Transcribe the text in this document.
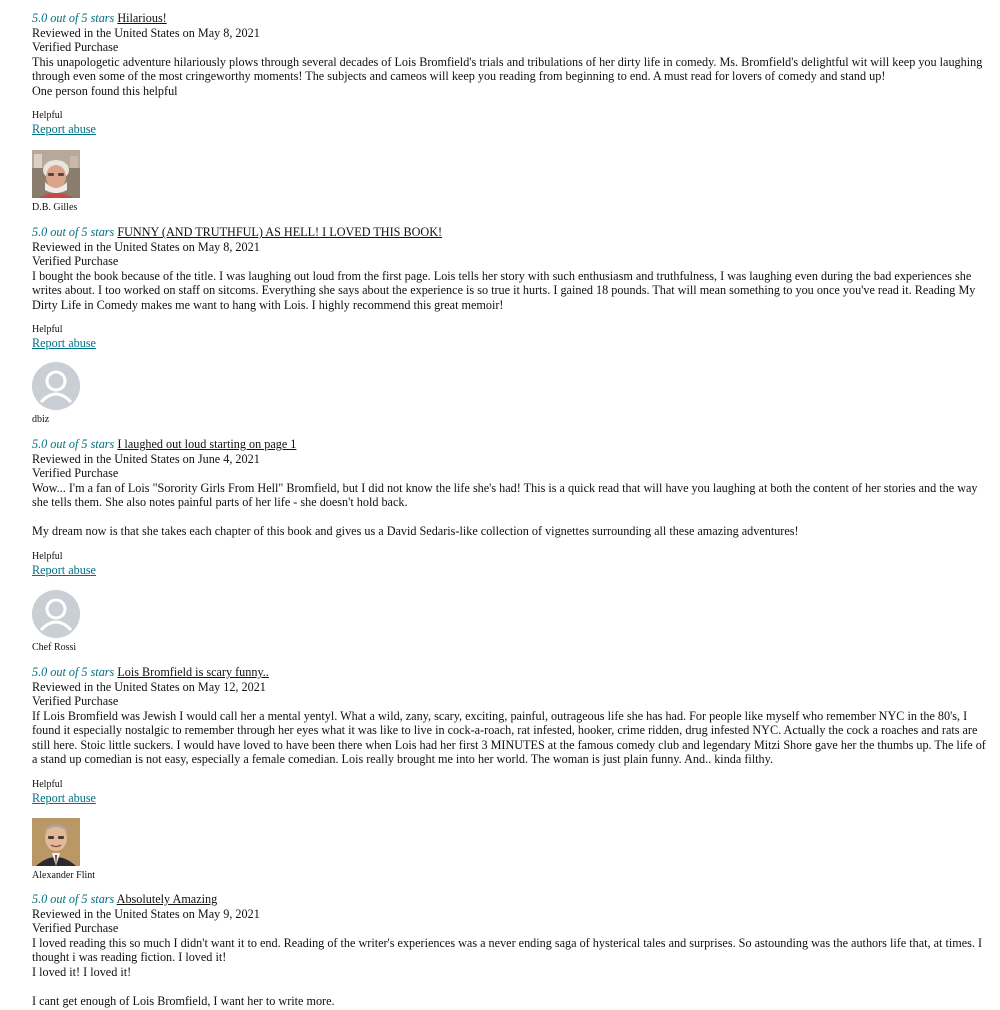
5.0 out of 5 stars Hilarious!
Reviewed in the United States on May 8, 2021
Verified Purchase

This unapologetic adventure hilariously plows through several decades of Lois Bromfield's trials and tribulations of her dirty life in comedy. Ms. Bromfield's delightful wit will keep you laughing through even some of the most cringeworthy moments! The subjects and cameos will keep you reading from beginning to end. A must read for lovers of comedy and stand up!

One person found this helpful
Helpful
Report abuse
D.B. Gilles
5.0 out of 5 stars FUNNY (AND TRUTHFUL) AS HELL! I LOVED THIS BOOK!
Reviewed in the United States on May 8, 2021
Verified Purchase

I bought the book because of the title. I was laughing out loud from the first page. Lois tells her story with such enthusiasm and truthfulness, I was laughing even during the bad experiences she writes about. I too worked on staff on sitcoms. Everything she says about the experience is so true it hurts. I gained 18 pounds. That will mean something to you once you've read it. Reading My Dirty Life in Comedy makes me want to hang with Lois. I highly recommend this great memoir!

Helpful
Report abuse
dbiz
5.0 out of 5 stars I laughed out loud starting on page 1
Reviewed in the United States on June 4, 2021
Verified Purchase

Wow... I'm a fan of Lois "Sorority Girls From Hell" Bromfield, but I did not know the life she's had! This is a quick read that will have you laughing at both the content of her stories and the way she tells them. She also notes painful parts of her life - she doesn't hold back.

My dream now is that she takes each chapter of this book and gives us a David Sedaris-like collection of vignettes surrounding all these amazing adventures!

Helpful
Report abuse
Chef Rossi
5.0 out of 5 stars Lois Bromfield is scary funny..
Reviewed in the United States on May 12, 2021
Verified Purchase

If Lois Bromfield was Jewish I would call her a mental yentyl. What a wild, zany, scary, exciting, painful, outrageous life she has had. For people like myself who remember NYC in the 80's, I found it especially nostalgic to remember through her eyes what it was like to live in cock-a-roach, rat infested, hooker, crime ridden, drug infested NYC. Actually the cock a roaches and rats are still here. Stoic little suckers. I would have loved to have been there when Lois had her first 3 MINUTES at the famous comedy club and legendary Mitzi Shore gave her the thumbs up. The life of a stand up comedian is not easy, especially a female comedian. Lois really brought me into her world. The woman is just plain funny. And.. kinda filthy.

Helpful
Report abuse
Alexander Flint
5.0 out of 5 stars Absolutely Amazing
Reviewed in the United States on May 9, 2021
Verified Purchase

I loved reading this so much I didn't want it to end. Reading of the writer's experiences was a never ending saga of hysterical tales and surprises. So astounding was the authors life that, at times. I thought i was reading fiction. I loved it!
I loved it! I loved it!

I cant get enough of Lois Bromfield, I want her to write more.
